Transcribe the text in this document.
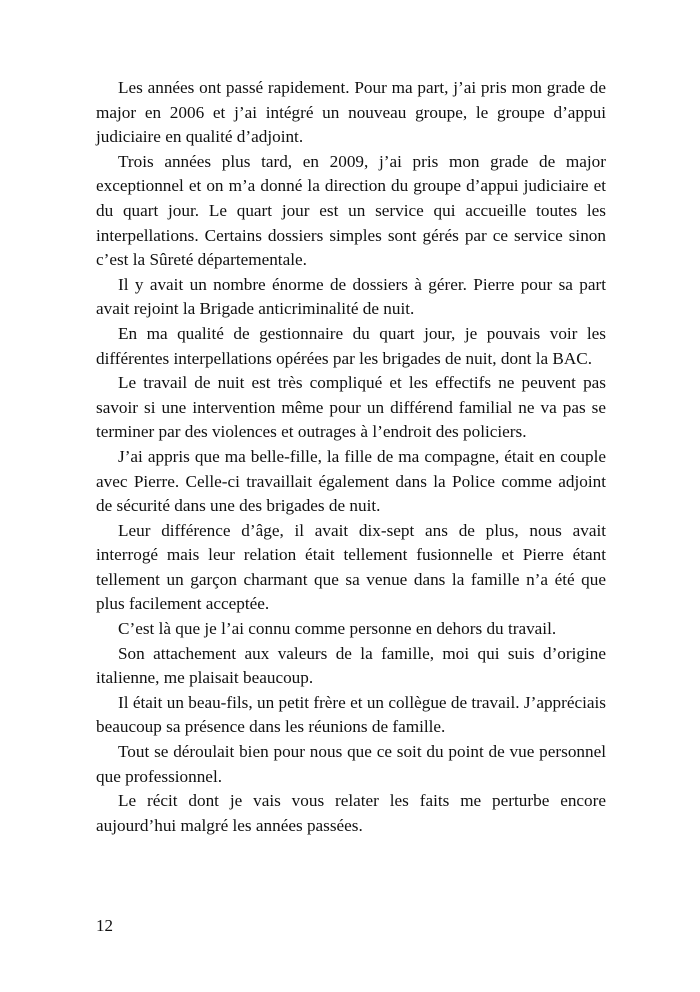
Les années ont passé rapidement. Pour ma part, j’ai pris mon grade de major en 2006 et j’ai intégré un nouveau groupe, le groupe d’appui judiciaire en qualité d’adjoint.

Trois années plus tard, en 2009, j’ai pris mon grade de major exceptionnel et on m’a donné la direction du groupe d’appui judiciaire et du quart jour. Le quart jour est un service qui accueille toutes les interpellations. Certains dossiers simples sont gérés par ce service sinon c’est la Sûreté départementale.

Il y avait un nombre énorme de dossiers à gérer. Pierre pour sa part avait rejoint la Brigade anticriminalité de nuit.

En ma qualité de gestionnaire du quart jour, je pouvais voir les différentes interpellations opérées par les brigades de nuit, dont la BAC.

Le travail de nuit est très compliqué et les effectifs ne peuvent pas savoir si une intervention même pour un différend familial ne va pas se terminer par des violences et outrages à l’endroit des policiers.

J’ai appris que ma belle-fille, la fille de ma compagne, était en couple avec Pierre. Celle-ci travaillait également dans la Police comme adjoint de sécurité dans une des brigades de nuit.

Leur différence d’âge, il avait dix-sept ans de plus, nous avait interrogé mais leur relation était tellement fusionnelle et Pierre étant tellement un garçon charmant que sa venue dans la famille n’a été que plus facilement acceptée.

C’est là que je l’ai connu comme personne en dehors du travail.

Son attachement aux valeurs de la famille, moi qui suis d’origine italienne, me plaisait beaucoup.

Il était un beau-fils, un petit frère et un collègue de travail. J’appréciais beaucoup sa présence dans les réunions de famille.

Tout se déroulait bien pour nous que ce soit du point de vue personnel que professionnel.

Le récit dont je vais vous relater les faits me perturbe encore aujourd’hui malgré les années passées.

12
